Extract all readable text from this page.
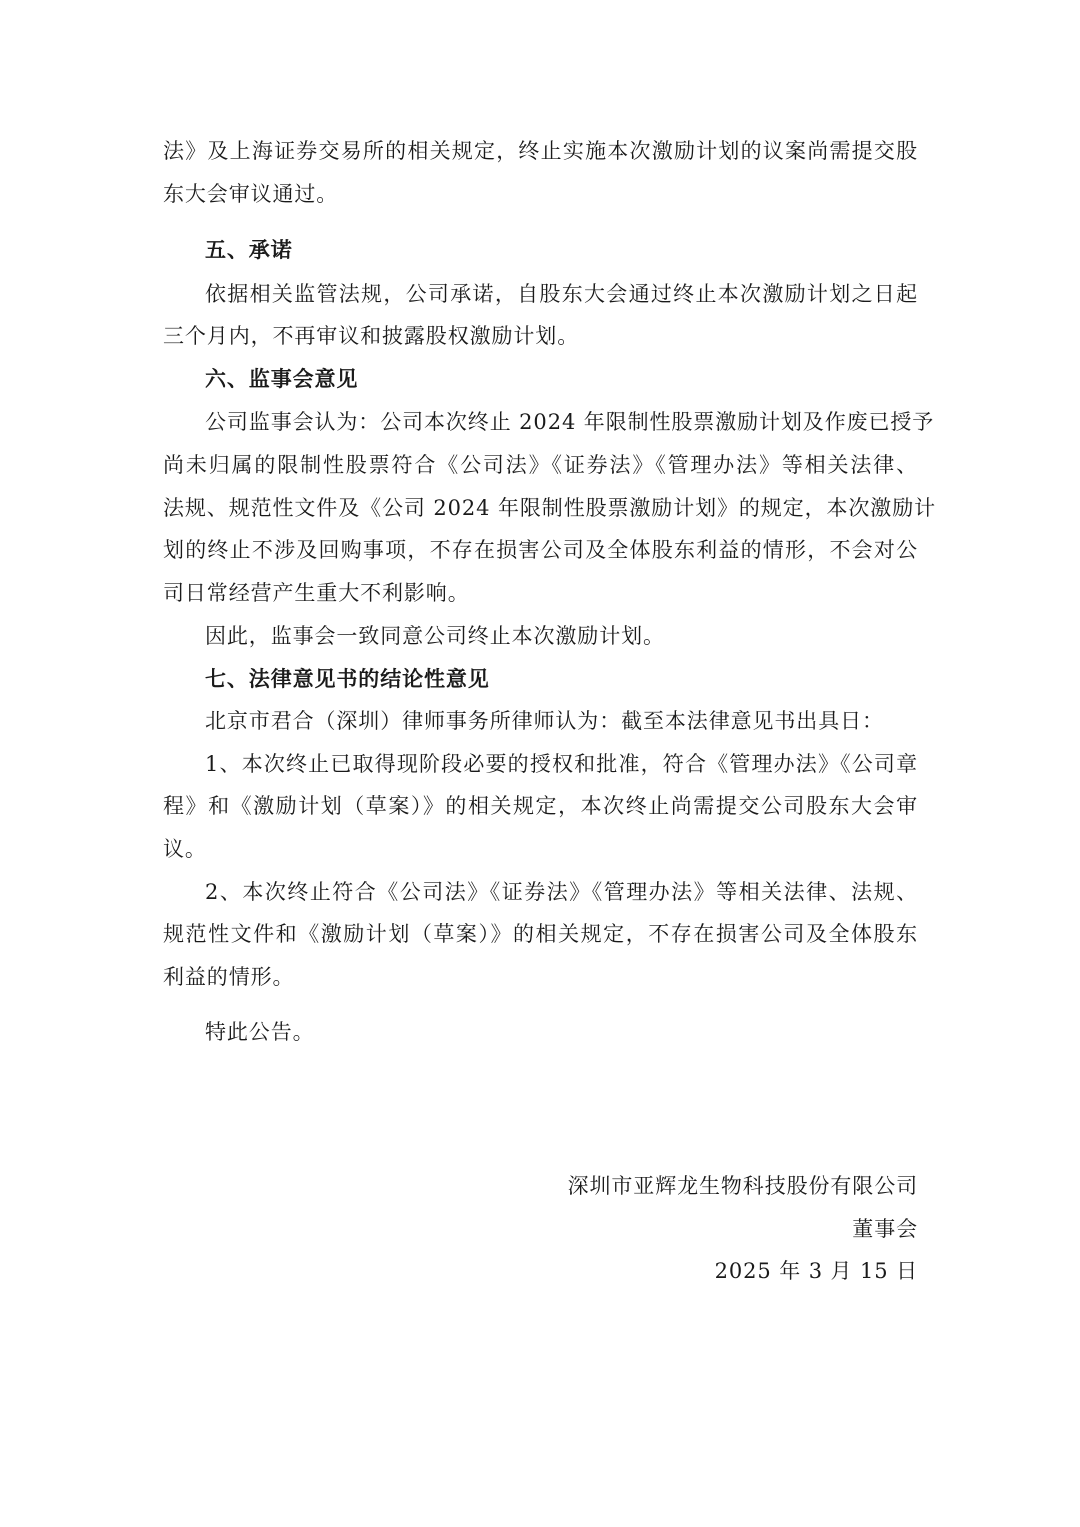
法》及上海证券交易所的相关规定，终止实施本次激励计划的议案尚需提交股
东大会审议通过。
五、承诺
依据相关监管法规，公司承诺，自股东大会通过终止本次激励计划之日起
三个月内，不再审议和披露股权激励计划。
六、监事会意见
公司监事会认为：公司本次终止 2024 年限制性股票激励计划及作废已授予
尚未归属的限制性股票符合《公司法》《证券法》《管理办法》等相关法律、
法规、规范性文件及《公司 2024 年限制性股票激励计划》的规定，本次激励计
划的终止不涉及回购事项，不存在损害公司及全体股东利益的情形，不会对公
司日常经营产生重大不利影响。
因此，监事会一致同意公司终止本次激励计划。
七、法律意见书的结论性意见
北京市君合（深圳）律师事务所律师认为：截至本法律意见书出具日：
1、本次终止已取得现阶段必要的授权和批准，符合《管理办法》《公司章
程》和《激励计划（草案）》的相关规定，本次终止尚需提交公司股东大会审
议。
2、本次终止符合《公司法》《证券法》《管理办法》等相关法律、法规、
规范性文件和《激励计划（草案）》的相关规定，不存在损害公司及全体股东
利益的情形。
特此公告。
深圳市亚辉龙生物科技股份有限公司
董事会
2025 年 3 月 15 日
